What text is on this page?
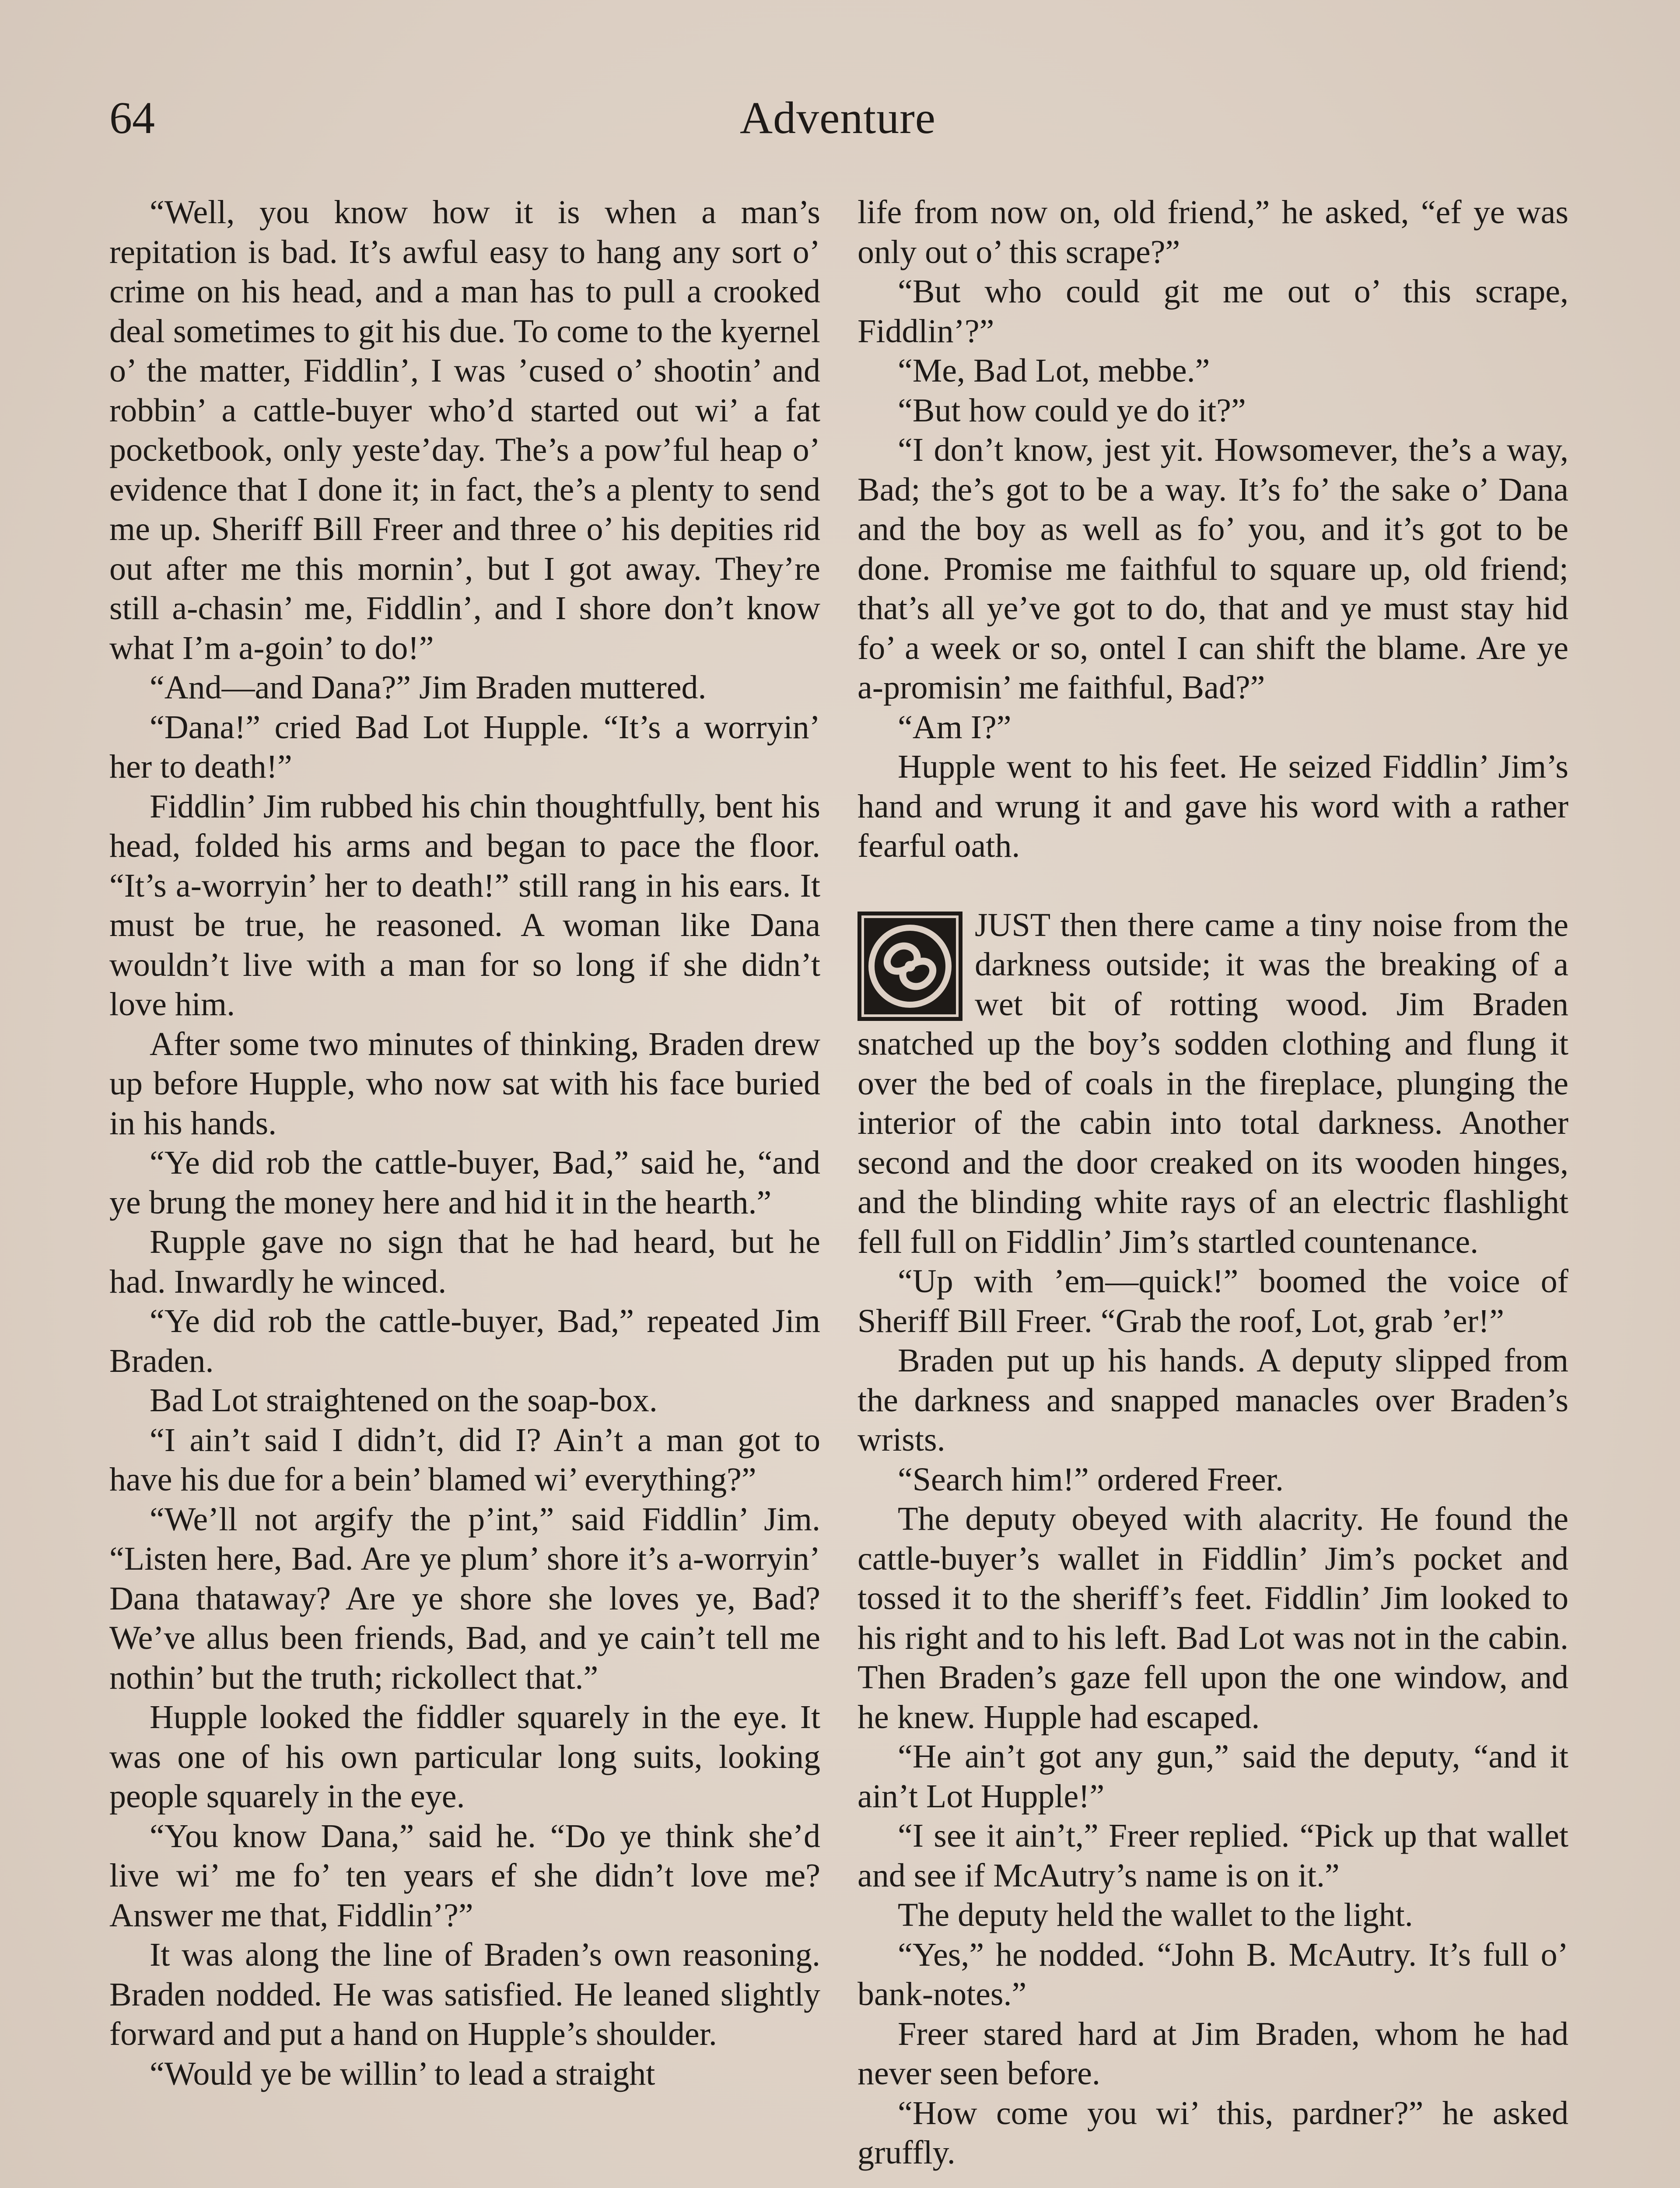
64	Adventure

“Well, you know how it is when a man’s repitation is bad. It’s awful easy to hang any sort o’ crime on his head, and a man has to pull a crooked deal sometimes to git his due. To come to the kyernel o’ the matter, Fiddlin’, I was ’cused o’ shootin’ and robbin’ a cattle-buyer who’d started out wi’ a fat pocketbook, only yeste’day. The’s a pow’ful heap o’ evidence that I done it; in fact, the’s a plenty to send me up. Sheriff Bill Freer and three o’ his depities rid out after me this mornin’, but I got away. They’re still a-chasin’ me, Fiddlin’, and I shore don’t know what I’m a-goin’ to do!”

“And—and Dana?” Jim Braden muttered.

“Dana!” cried Bad Lot Hupple. “It’s a worryin’ her to death!”

Fiddlin’ Jim rubbed his chin thoughtfully, bent his head, folded his arms and began to pace the floor. “It’s a-worryin’ her to death!” still rang in his ears. It must be true, he reasoned. A woman like Dana wouldn’t live with a man for so long if she didn’t love him.

After some two minutes of thinking, Braden drew up before Hupple, who now sat with his face buried in his hands.

“Ye did rob the cattle-buyer, Bad,” said he, “and ye brung the money here and hid it in the hearth.”

Rupple gave no sign that he had heard, but he had. Inwardly he winced.

“Ye did rob the cattle-buyer, Bad,” repeated Jim Braden.

Bad Lot straightened on the soap-box.

“I ain’t said I didn’t, did I? Ain’t a man got to have his due for a bein’ blamed wi’ everything?”

“We’ll not argify the p’int,” said Fiddlin’ Jim. “Listen here, Bad. Are ye plum’ shore it’s a-worryin’ Dana thataway? Are ye shore she loves ye, Bad? We’ve allus been friends, Bad, and ye cain’t tell me nothin’ but the truth; rickollect that.”

Hupple looked the fiddler squarely in the eye. It was one of his own particular long suits, looking people squarely in the eye.

“You know Dana,” said he. “Do ye think she’d live wi’ me fo’ ten years ef she didn’t love me? Answer me that, Fiddlin’?”

It was along the line of Braden’s own reasoning. Braden nodded. He was satisfied. He leaned slightly forward and put a hand on Hupple’s shoulder.

“Would ye be willin’ to lead a straight

life from now on, old friend,” he asked, “ef ye was only out o’ this scrape?”

“But who could git me out o’ this scrape, Fiddlin’?”

“Me, Bad Lot, mebbe.”

“But how could ye do it?”

“I don’t know, jest yit. Howsomever, the’s a way, Bad; the’s got to be a way. It’s fo’ the sake o’ Dana and the boy as well as fo’ you, and it’s got to be done. Promise me faithful to square up, old friend; that’s all ye’ve got to do, that and ye must stay hid fo’ a week or so, ontel I can shift the blame. Are ye a-promisin’ me faithful, Bad?”

“Am I?”

Hupple went to his feet. He seized Fiddlin’ Jim’s hand and wrung it and gave his word with a rather fearful oath.

JUST then there came a tiny noise from the darkness outside; it was the breaking of a wet bit of rotting wood. Jim Braden snatched up the boy’s sodden clothing and flung it over the bed of coals in the fireplace, plunging the interior of the cabin into total darkness. Another second and the door creaked on its wooden hinges, and the blinding white rays of an electric flashlight fell full on Fiddlin’ Jim’s startled countenance.

“Up with ’em—quick!” boomed the voice of Sheriff Bill Freer. “Grab the roof, Lot, grab ’er!”

Braden put up his hands. A deputy slipped from the darkness and snapped manacles over Braden’s wrists.

“Search him!” ordered Freer.

The deputy obeyed with alacrity. He found the cattle-buyer’s wallet in Fiddlin’ Jim’s pocket and tossed it to the sheriff’s feet. Fiddlin’ Jim looked to his right and to his left. Bad Lot was not in the cabin. Then Braden’s gaze fell upon the one window, and he knew. Hupple had escaped.

“He ain’t got any gun,” said the deputy, “and it ain’t Lot Hupple!”

“I see it ain’t,” Freer replied. “Pick up that wallet and see if McAutry’s name is on it.”

The deputy held the wallet to the light.

“Yes,” he nodded. “John B. McAutry. It’s full o’ bank-notes.”

Freer stared hard at Jim Braden, whom he had never seen before.

“How come you wi’ this, pardner?” he asked gruffly.
